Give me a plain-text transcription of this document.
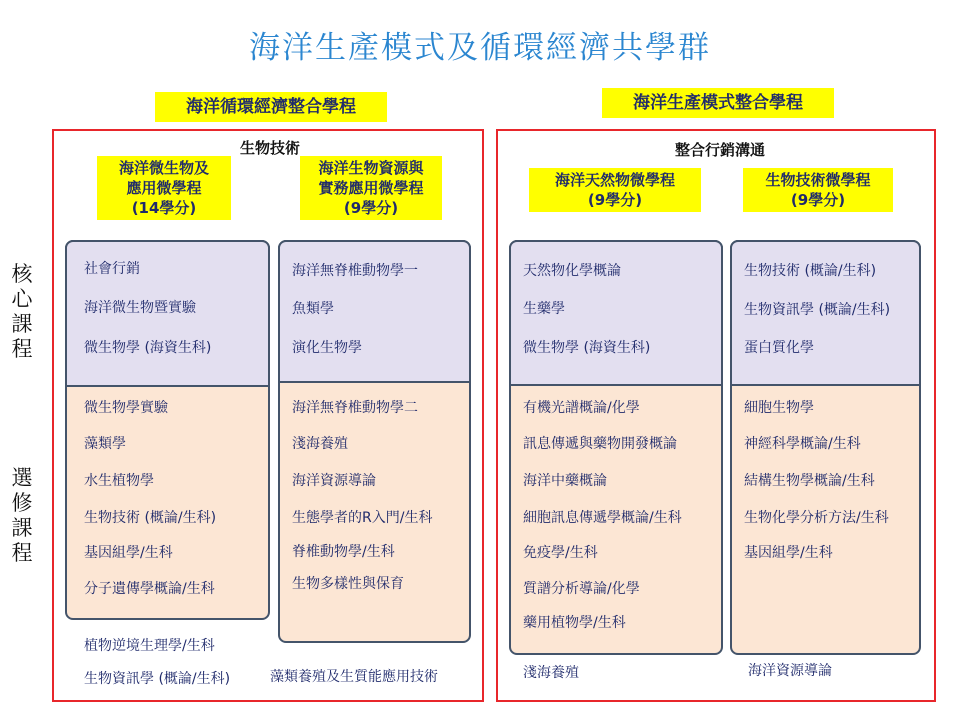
海洋生產模式及循環經濟共學群
海洋循環經濟整合學程	海洋生產模式整合學程
生物技術	整合行銷溝通
核
心
課
程
選
修
課
程
海洋微生物及
應用微學程
(14學分)
海洋生物資源與
實務應用微學程
(9學分)
海洋天然物微學程
(9學分)
生物技術微學程
(9學分)
社會行銷
海洋微生物暨實驗
微生物學 (海資生科)
微生物學實驗
藻類學
水生植物學
生物技術 (概論/生科)
基因組學/生科
分子遺傳學概論/生科
植物逆境生理學/生科
生物資訊學 (概論/生科)
海洋無脊椎動物學一
魚類學
演化生物學
海洋無脊椎動物學二
淺海養殖
海洋資源導論
生態學者的R入門/生科
脊椎動物學/生科
生物多樣性與保育
藻類養殖及生質能應用技術
天然物化學概論
生藥學
微生物學 (海資生科)
有機光譜概論/化學
訊息傳遞與藥物開發概論
海洋中藥概論
細胞訊息傳遞學概論/生科
免疫學/生科
質譜分析導論/化學
藥用植物學/生科
淺海養殖
生物技術 (概論/生科)
生物資訊學 (概論/生科)
蛋白質化學
細胞生物學
神經科學概論/生科
結構生物學概論/生科
生物化學分析方法/生科
基因組學/生科
海洋資源導論
